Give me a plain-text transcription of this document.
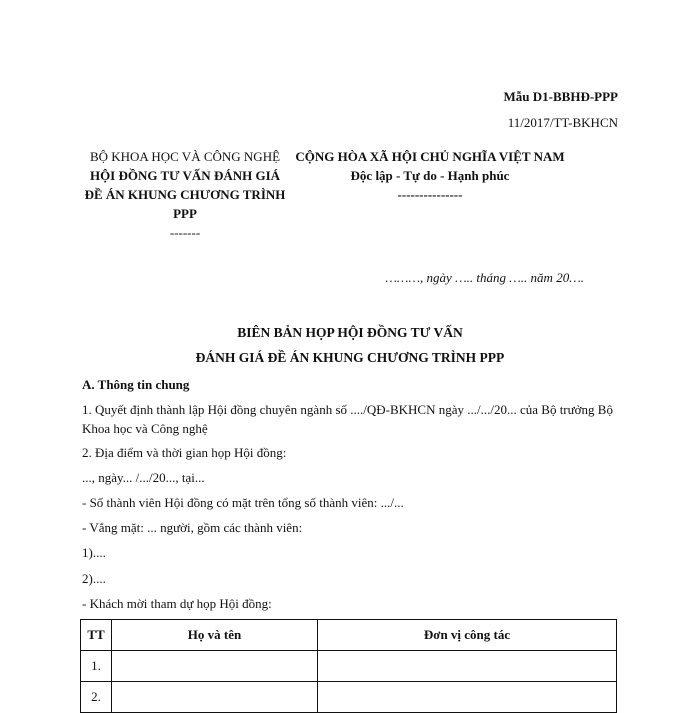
Mẫu D1-BBHĐ-PPP
11/2017/TT-BKHCN
BỘ KHOA HỌC VÀ CÔNG NGHỆ
HỘI ĐỒNG TƯ VẤN ĐÁNH GIÁ ĐỀ ÁN KHUNG CHƯƠNG TRÌNH PPP
-------
CỘNG HÒA XÃ HỘI CHỦ NGHĨA VIỆT NAM
Độc lập - Tự do - Hạnh phúc
---------------
………, ngày ….. tháng ….. năm 20….
BIÊN BẢN HỌP HỘI ĐỒNG TƯ VẤN
ĐÁNH GIÁ ĐỀ ÁN KHUNG CHƯƠNG TRÌNH PPP
A. Thông tin chung
1. Quyết định thành lập Hội đồng chuyên ngành số ..../QĐ-BKHCN ngày .../.../20... của Bộ trưởng Bộ Khoa học và Công nghệ
2. Địa điểm và thời gian họp Hội đồng:
..., ngày... /.../20..., tại...
- Số thành viên Hội đồng có mặt trên tổng số thành viên: .../...
- Vắng mặt: ... người, gồm các thành viên:
1)....
2)....
- Khách mời tham dự họp Hội đồng:
TT	Họ và tên	Đơn vị công tác
1.		
2.		
